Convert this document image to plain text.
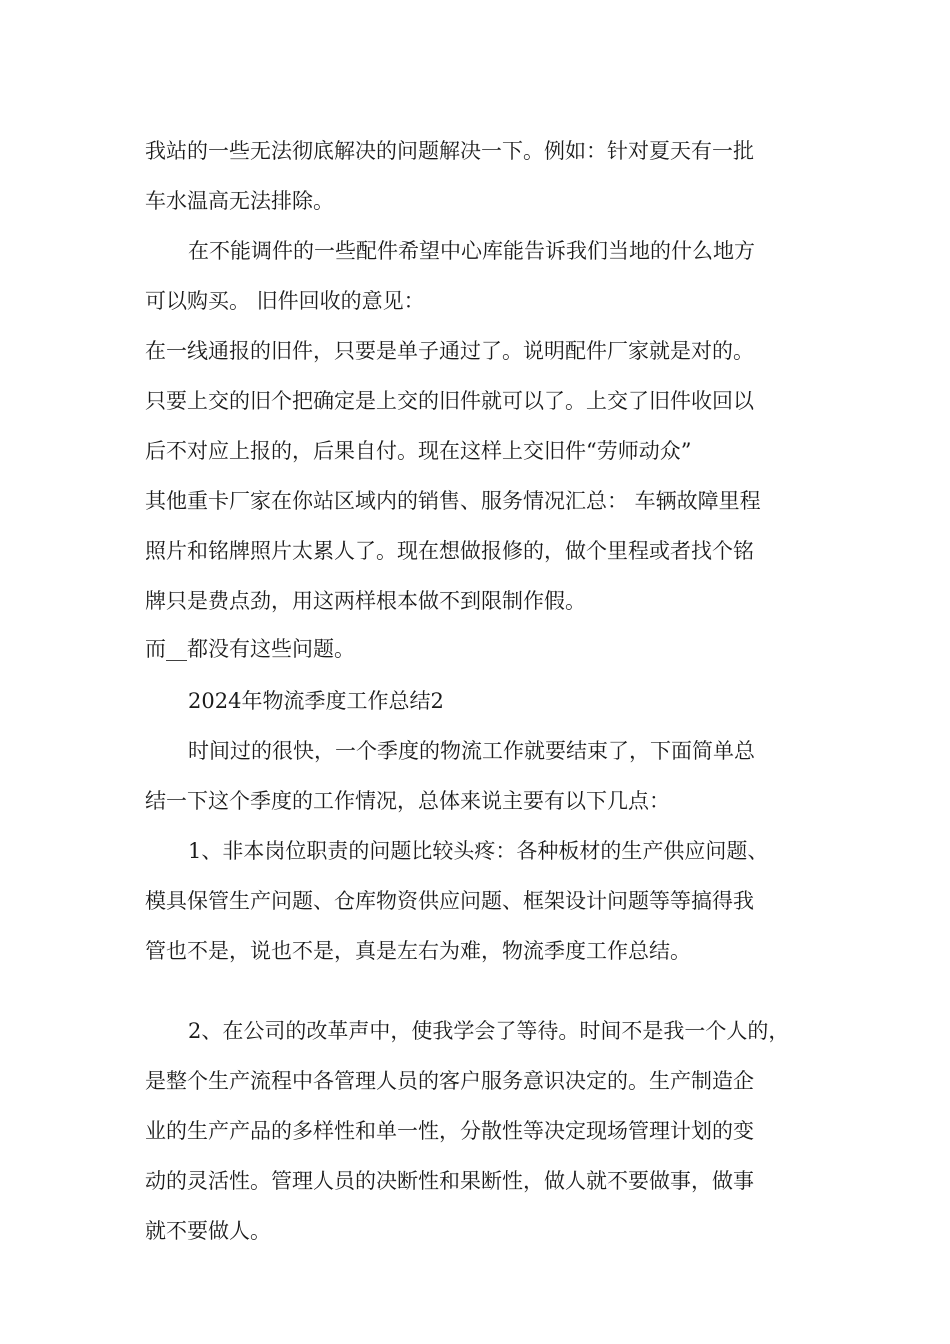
我站的一些无法彻底解决的问题解决一下。例如：针对夏天有一批
车水温高无法排除。
在不能调件的一些配件希望中心库能告诉我们当地的什么地方
可以购买。 旧件回收的意见：
在一线通报的旧件，只要是单子通过了。说明配件厂家就是对的。
只要上交的旧个把确定是上交的旧件就可以了。上交了旧件收回以
后不对应上报的，后果自付。现在这样上交旧件“劳师动众”
其他重卡厂家在你站区域内的销售、服务情况汇总： 车辆故障里程
照片和铭牌照片太累人了。现在想做报修的，做个里程或者找个铭
牌只是费点劲，用这两样根本做不到限制作假。
而__都没有这些问题。
2024年物流季度工作总结2
时间过的很快，一个季度的物流工作就要结束了，下面简单总
结一下这个季度的工作情况，总体来说主要有以下几点：
1、非本岗位职责的问题比较头疼：各种板材的生产供应问题、
模具保管生产问题、仓库物资供应问题、框架设计问题等等搞得我
管也不是，说也不是，真是左右为难，物流季度工作总结。
2、在公司的改革声中，使我学会了等待。时间不是我一个人的，
是整个生产流程中各管理人员的客户服务意识决定的。生产制造企
业的生产产品的多样性和单一性，分散性等决定现场管理计划的变
动的灵活性。管理人员的决断性和果断性，做人就不要做事，做事
就不要做人。
